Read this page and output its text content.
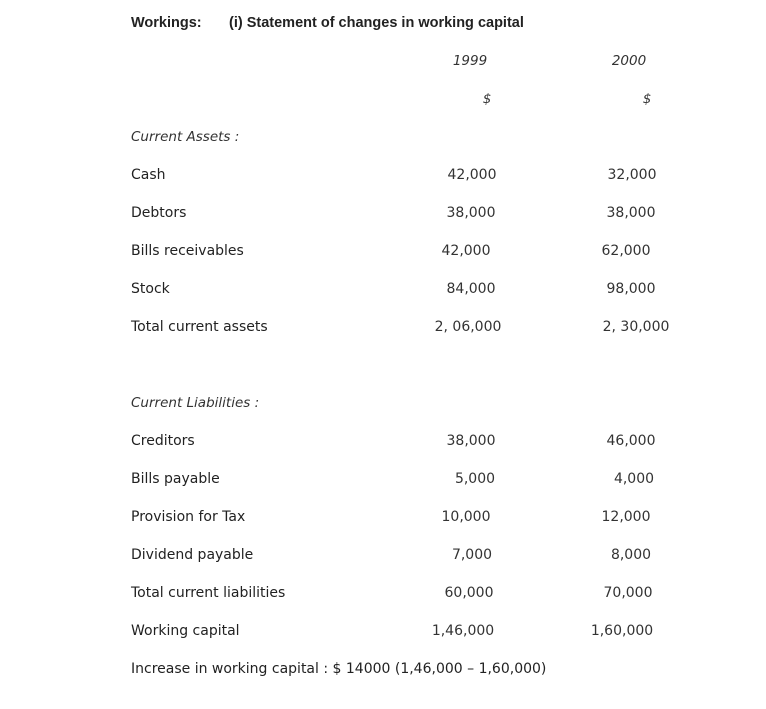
Workings: (i) Statement of changes in working capital
1999	2000
$	$
Current Assets :
Cash	42,000	32,000
Debtors	38,000	38,000
Bills receivables	42,000	62,000
Stock	84,000	98,000
Total current assets	2, 06,000	2, 30,000
Current Liabilities :
Creditors	38,000	46,000
Bills payable	5,000	4,000
Provision for Tax	10,000	12,000
Dividend payable	7,000	8,000
Total current liabilities	60,000	70,000
Working capital	1,46,000	1,60,000
Increase in working capital : $ 14000 (1,46,000 – 1,60,000)
